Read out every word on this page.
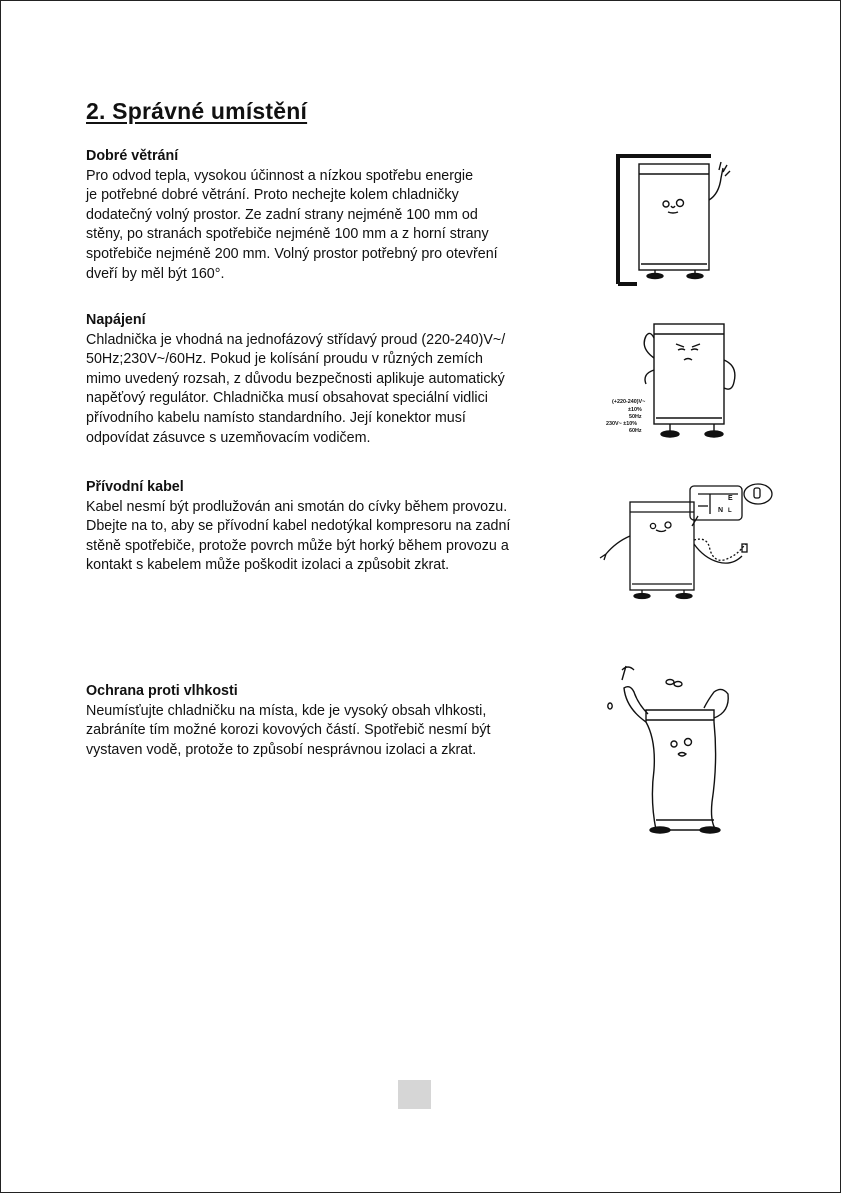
2. Správné umístění
Dobré větrání

Pro odvod tepla, vysokou účinnost a nízkou spotřebu energie

je potřebné dobré větrání. Proto nechejte kolem chladničky

dodatečný volný prostor. Ze zadní strany nejméně 100 mm od

stěny, po stranách spotřebiče nejméně 100 mm a z horní strany

spotřebiče nejméně 200 mm. Volný prostor potřebný pro otevření

dveří by měl být 160°.

Napájení

Chladnička je vhodná na jednofázový střídavý proud (220-240)V~/

50Hz;230V~/60Hz. Pokud je kolísání proudu v různých zemích

mimo uvedený rozsah, z důvodu bezpečnosti aplikuje automatický

napěťový regulátor. Chladnička musí obsahovat speciální vidlici

přívodního kabelu namísto standardního. Její konektor musí

odpovídat zásuvce s uzemňovacím vodičem.

Přívodní kabel

Kabel nesmí být prodlužován ani smotán do cívky během provozu.

Dbejte na to, aby se přívodní kabel nedotýkal kompresoru na zadní

stěně spotřebiče, protože povrch může být horký během provozu a

kontakt s kabelem může poškodit izolaci a způsobit zkrat.

Ochrana proti vlhkosti

Neumísťujte chladničku na místa, kde je vysoký obsah vlhkosti,

zabráníte tím možné korozi kovových částí. Spotřebič nesmí být

vystaven vodě, protože to způsobí nesprávnou izolaci a zkrat.

(+220-240)V~
±10%
50Hz
230V~ ±10%
60Hz
E
N L
